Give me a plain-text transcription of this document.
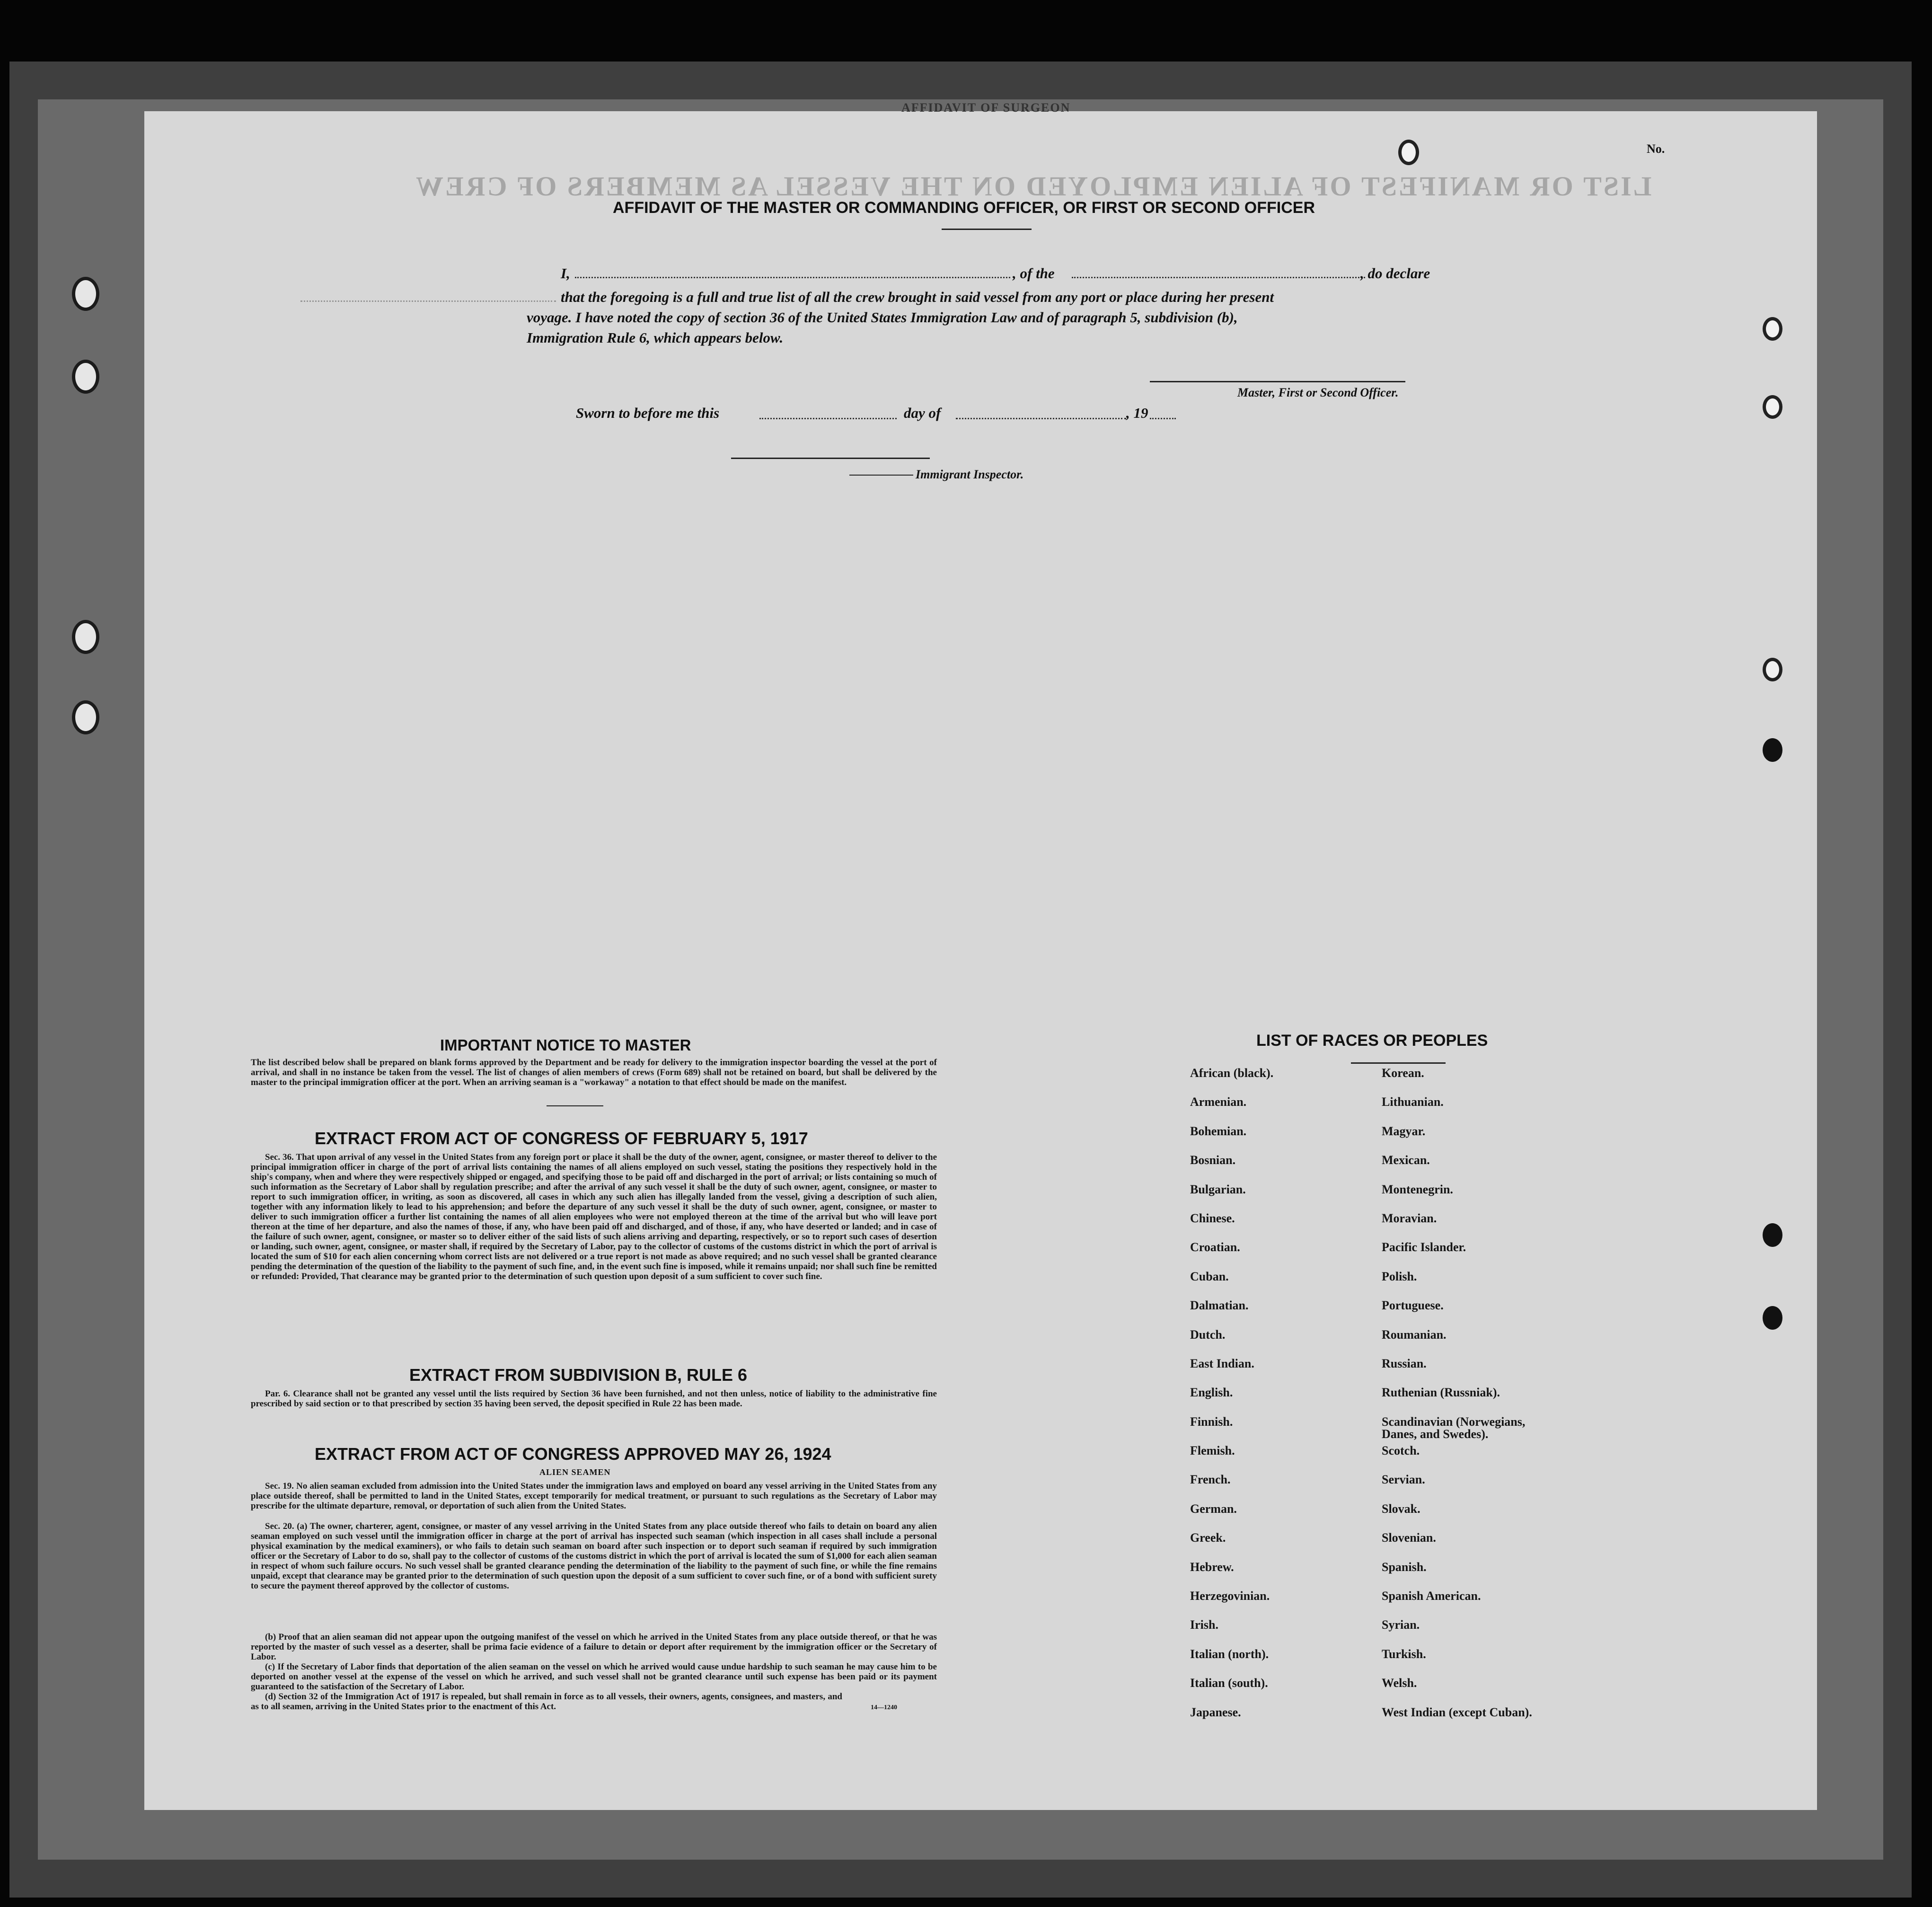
LIST OR MANIFEST OF ALIEN EMPLOYED ON THE VESSEL AS MEMBERS OF CREW
AFFIDAVIT OF SURGEON
No.
AFFIDAVIT OF THE MASTER OR COMMANDING OFFICER, OR FIRST OR SECOND OFFICER
I,	, of the	, do declare
that the foregoing is a full and true list of all the crew brought in said vessel from any port or place during her present
voyage. I have noted the copy of section 36 of the United States Immigration Law and of paragraph 5, subdivision (b),
Immigration Rule 6, which appears below.
Master, First or Second Officer.
Sworn to before me this	day of	, 19
Immigrant Inspector.
IMPORTANT NOTICE TO MASTER
The list described below shall be prepared on blank forms approved by the Department and be ready for delivery to the immigration inspector boarding the vessel at the port of arrival, and shall in no instance be taken from the vessel. The list of changes of alien members of crews (Form 689) shall not be retained on board, but shall be delivered by the master to the principal immigration officer at the port. When an arriving seaman is a "workaway" a notation to that effect should be made on the manifest.
EXTRACT FROM ACT OF CONGRESS OF FEBRUARY 5, 1917
Sec. 36. That upon arrival of any vessel in the United States from any foreign port or place it shall be the duty of the owner, agent, consignee, or master thereof to deliver to the principal immigration officer in charge of the port of arrival lists containing the names of all aliens employed on such vessel, stating the positions they respectively hold in the ship's company, when and where they were respectively shipped or engaged, and specifying those to be paid off and discharged in the port of arrival; or lists containing so much of such information as the Secretary of Labor shall by regulation prescribe; and after the arrival of any such vessel it shall be the duty of such owner, agent, consignee, or master to report to such immigration officer, in writing, as soon as discovered, all cases in which any such alien has illegally landed from the vessel, giving a description of such alien, together with any information likely to lead to his apprehension; and before the departure of any such vessel it shall be the duty of such owner, agent, consignee, or master to deliver to such immigration officer a further list containing the names of all alien employees who were not employed thereon at the time of the arrival but who will leave port thereon at the time of her departure, and also the names of those, if any, who have been paid off and discharged, and of those, if any, who have deserted or landed; and in case of the failure of such owner, agent, consignee, or master so to deliver either of the said lists of such aliens arriving and departing, respectively, or so to report such cases of desertion or landing, such owner, agent, consignee, or master shall, if required by the Secretary of Labor, pay to the collector of customs of the customs district in which the port of arrival is located the sum of $10 for each alien concerning whom correct lists are not delivered or a true report is not made as above required; and no such vessel shall be granted clearance pending the determination of the question of the liability to the payment of such fine, and, in the event such fine is imposed, while it remains unpaid; nor shall such fine be remitted or refunded: Provided, That clearance may be granted prior to the determination of such question upon deposit of a sum sufficient to cover such fine.
EXTRACT FROM SUBDIVISION B, RULE 6
Par. 6. Clearance shall not be granted any vessel until the lists required by Section 36 have been furnished, and not then unless, notice of liability to the administrative fine prescribed by said section or to that prescribed by section 35 having been served, the deposit specified in Rule 22 has been made.
EXTRACT FROM ACT OF CONGRESS APPROVED MAY 26, 1924
ALIEN SEAMEN
Sec. 19. No alien seaman excluded from admission into the United States under the immigration laws and employed on board any vessel arriving in the United States from any place outside thereof, shall be permitted to land in the United States, except temporarily for medical treatment, or pursuant to such regulations as the Secretary of Labor may prescribe for the ultimate departure, removal, or deportation of such alien from the United States.
Sec. 20. (a) The owner, charterer, agent, consignee, or master of any vessel arriving in the United States from any place outside thereof who fails to detain on board any alien seaman employed on such vessel until the immigration officer in charge at the port of arrival has inspected such seaman (which inspection in all cases shall include a personal physical examination by the medical examiners), or who fails to detain such seaman on board after such inspection or to deport such seaman if required by such immigration officer or the Secretary of Labor to do so, shall pay to the collector of customs of the customs district in which the port of arrival is located the sum of $1,000 for each alien seaman in respect of whom such failure occurs. No such vessel shall be granted clearance pending the determination of the liability to the payment of such fine, or while the fine remains unpaid, except that clearance may be granted prior to the determination of such question upon the deposit of a sum sufficient to cover such fine, or of a bond with sufficient surety to secure the payment thereof approved by the collector of customs.
(b) Proof that an alien seaman did not appear upon the outgoing manifest of the vessel on which he arrived in the United States from any place outside thereof, or that he was reported by the master of such vessel as a deserter, shall be prima facie evidence of a failure to detain or deport after requirement by the immigration officer or the Secretary of Labor.
(c) If the Secretary of Labor finds that deportation of the alien seaman on the vessel on which he arrived would cause undue hardship to such seaman he may cause him to be deported on another vessel at the expense of the vessel on which he arrived, and such vessel shall not be granted clearance until such expense has been paid or its payment guaranteed to the satisfaction of the Secretary of Labor.
(d) Section 32 of the Immigration Act of 1917 is repealed, but shall remain in force as to all vessels, their owners, agents, consignees, and masters, and as to all seamen, arriving in the United States prior to the enactment of this Act.	14—1240
LIST OF RACES OR PEOPLES
African (black).	Korean.
Armenian.	Lithuanian.
Bohemian.	Magyar.
Bosnian.	Mexican.
Bulgarian.	Montenegrin.
Chinese.	Moravian.
Croatian.	Pacific Islander.
Cuban.	Polish.
Dalmatian.	Portuguese.
Dutch.	Roumanian.
East Indian.	Russian.
English.	Ruthenian (Russniak).
Finnish.	Scandinavian (Norwegians,
Danes, and Swedes).
Flemish.	Scotch.
French.	Servian.
German.	Slovak.
Greek.	Slovenian.
Hebrew.	Spanish.
Herzegovinian.	Spanish American.
Irish.	Syrian.
Italian (north).	Turkish.
Italian (south).	Welsh.
Japanese.	West Indian (except Cuban).
